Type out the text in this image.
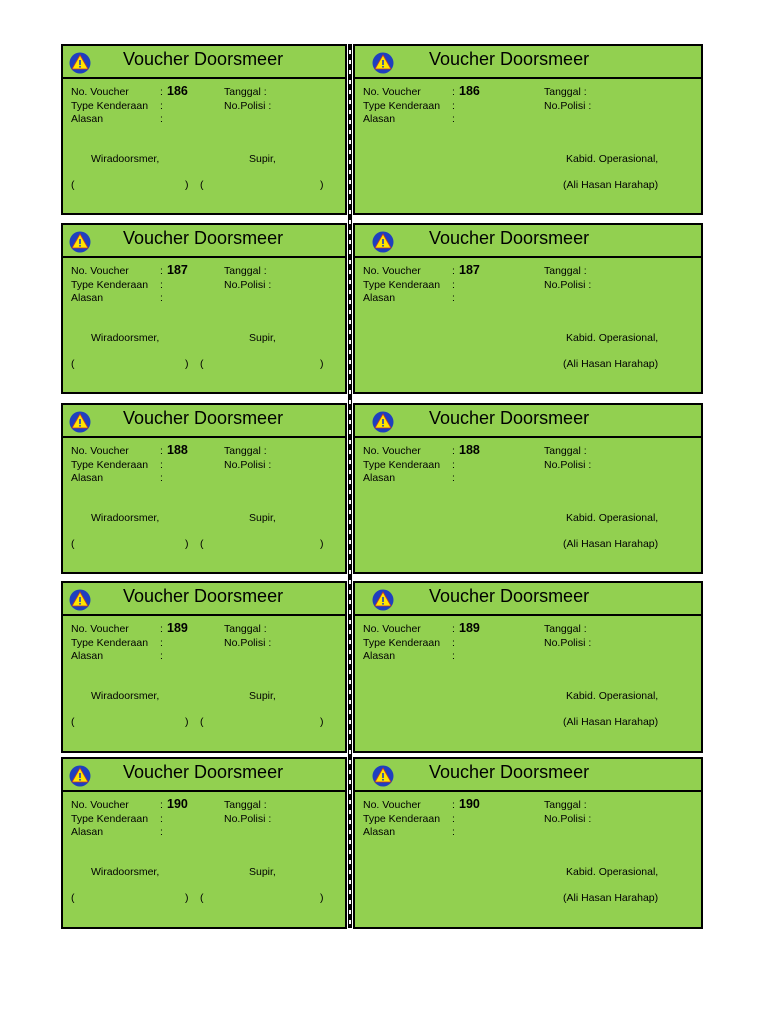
Voucher Doorsmeer
No. Voucher	: 186	Tanggal :
Type Kenderaan :	No.Polisi :
Alasan	:
Wiradoorsmer,	Supir,
(	) (	)
Voucher Doorsmeer
No. Voucher	: 186	Tanggal :
Type Kenderaan :	No.Polisi :
Alasan	:
Kabid. Operasional,
(Ali Hasan Harahap)
Voucher Doorsmeer
No. Voucher	: 187	Tanggal :
Type Kenderaan :	No.Polisi :
Alasan	:
Wiradoorsmer,	Supir,
(	) (	)
Voucher Doorsmeer
No. Voucher	: 187	Tanggal :
Type Kenderaan :	No.Polisi :
Alasan	:
Kabid. Operasional,
(Ali Hasan Harahap)
Voucher Doorsmeer
No. Voucher	: 188	Tanggal :
Type Kenderaan :	No.Polisi :
Alasan	:
Wiradoorsmer,	Supir,
(	) (	)
Voucher Doorsmeer
No. Voucher	: 188	Tanggal :
Type Kenderaan :	No.Polisi :
Alasan	:
Kabid. Operasional,
(Ali Hasan Harahap)
Voucher Doorsmeer
No. Voucher	: 189	Tanggal :
Type Kenderaan :	No.Polisi :
Alasan	:
Wiradoorsmer,	Supir,
(	) (	)
Voucher Doorsmeer
No. Voucher	: 189	Tanggal :
Type Kenderaan :	No.Polisi :
Alasan	:
Kabid. Operasional,
(Ali Hasan Harahap)
Voucher Doorsmeer
No. Voucher	: 190	Tanggal :
Type Kenderaan :	No.Polisi :
Alasan	:
Wiradoorsmer,	Supir,
(	) (	)
Voucher Doorsmeer
No. Voucher	: 190	Tanggal :
Type Kenderaan :	No.Polisi :
Alasan	:
Kabid. Operasional,
(Ali Hasan Harahap)
